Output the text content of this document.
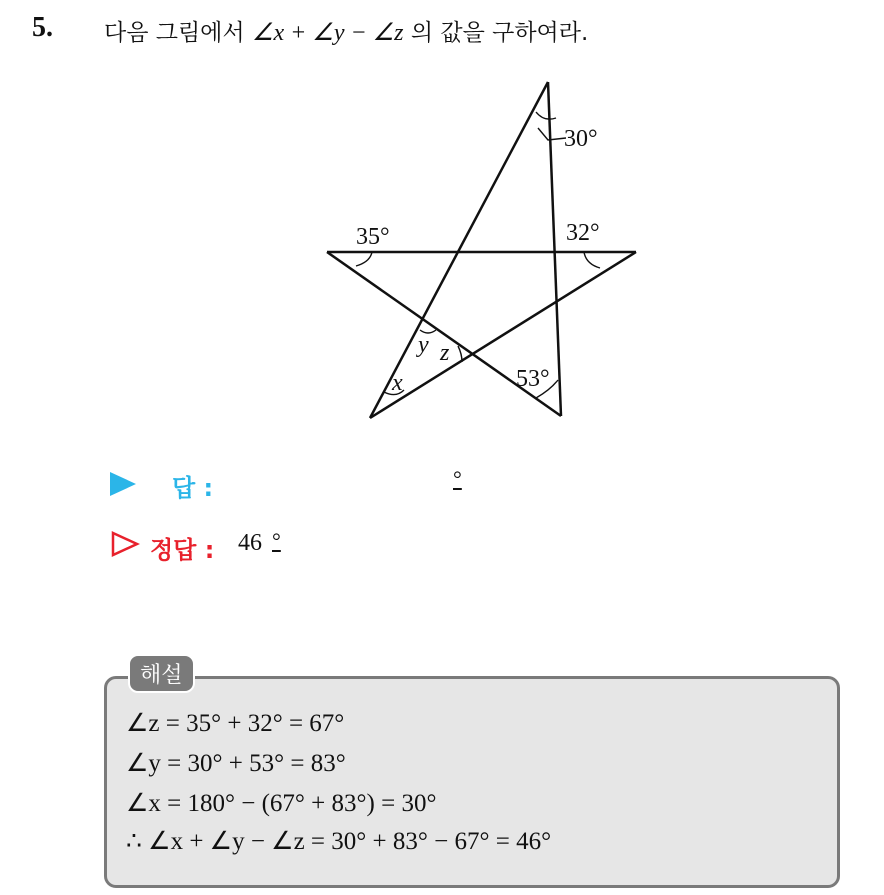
5. 다음 그림에서 ∠x + ∠y − ∠z 의 값을 구하여라.
30°
35°	32°
53°
x
y z
답 :	°
정답 : 46 °
해설
∠z = 35° + 32° = 67°
∠y = 30° + 53° = 83°
∠x = 180° − (67° + 83°) = 30°
∴ ∠x + ∠y − ∠z = 30° + 83° − 67° = 46°
